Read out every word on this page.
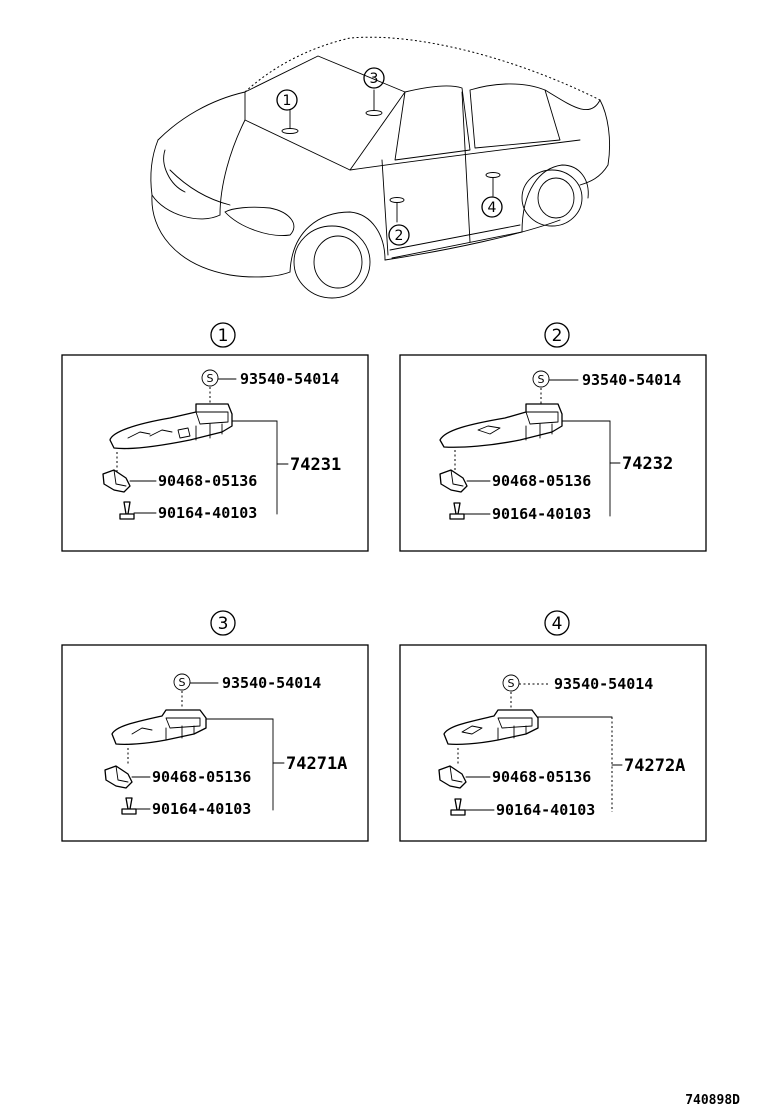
1
3
2
4
1	2
3	4
S 93540-54014
74231
90468-05136
90164-40103
S	93540-54014
74232
90468-05136
90164-40103
S 93540-54014
74271A
90468-05136
90164-40103
S	93540-54014
74272A
90468-05136
90164-40103
740898D
